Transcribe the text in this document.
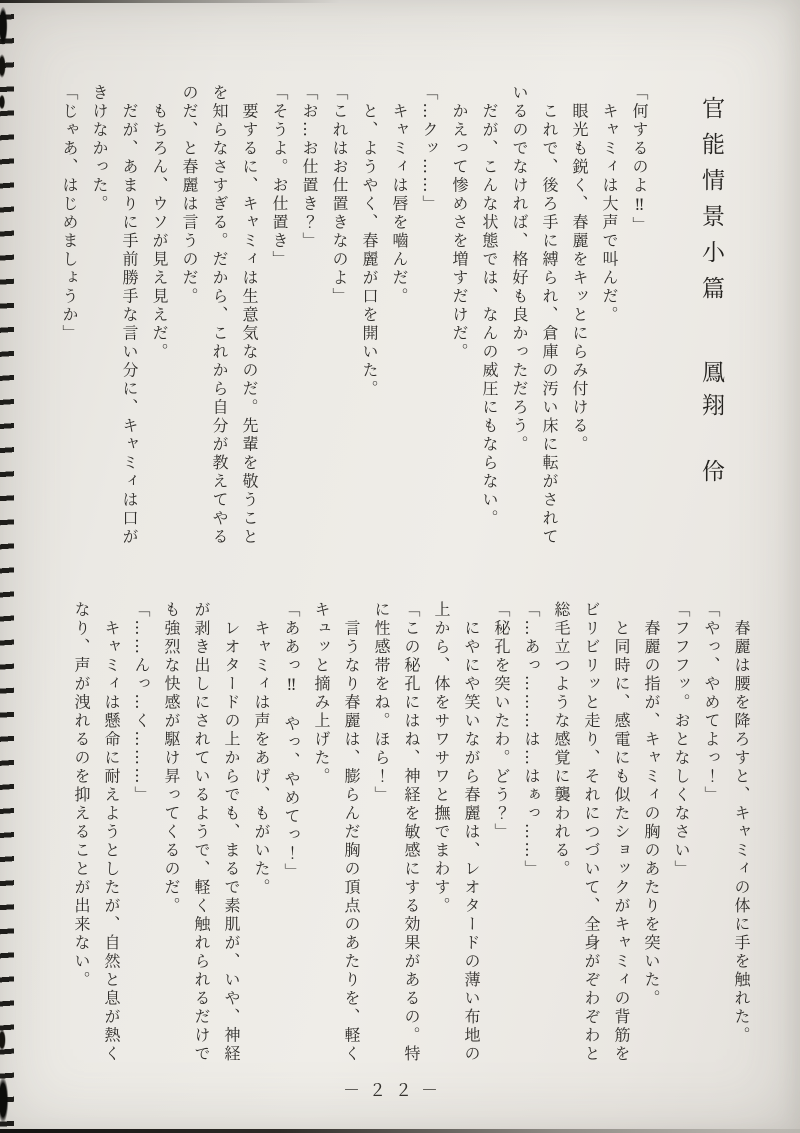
官能情景小篇
鳳翔　伶

「何するのよ‼」

　キャミィは大声で叫んだ。

　眼光も鋭く、春麗をキッとにらみ付ける。

　これで、後ろ手に縛られ、倉庫の汚い床に転がされて

いるのでなければ、格好も良かっただろう。

　だが、こんな状態では、なんの威圧にもならない。

　かえって惨めさを増すだけだ。

「…クッ……」

　キャミィは唇を嚙んだ。

　と、ようやく、春麗が口を開いた。

「これはお仕置きなのよ」

「お…お仕置き？」

「そうよ。お仕置き」

　要するに、キャミィは生意気なのだ。先輩を敬うこと

を知らなさすぎる。だから、これから自分が教えてやる

のだ、と春麗は言うのだ。

　もちろん、ウソが見え見えだ。

　だが、あまりに手前勝手な言い分に、キャミィは口が

きけなかった。

「じゃあ、はじめましょうか」

　春麗は腰を降ろすと、キャミィの体に手を触れた。

「やっ、やめてよっ！」

「フフフッ。おとなしくなさい」

　春麗の指が、キャミィの胸のあたりを突いた。

　と同時に、感電にも似たショックがキャミィの背筋を

ビリビリッと走り、それにつづいて、全身がぞわぞわと

総毛立つような感覚に襲われる。

「…あっ………は…はぁっ……」

「秘孔を突いたわ。どう？」

　にやにや笑いながら春麗は、レオタードの薄い布地の

上から、体をサワサワと撫でまわす。

「この秘孔にはね、神経を敏感にする効果があるの。特

に性感帯をね。ほら！」

　言うなり春麗は、膨らんだ胸の頂点のあたりを、軽く

キュッと摘み上げた。

「ああっ‼　やっ、やめてっ！」

　キャミィは声をあげ、もがいた。

　レオタードの上からでも、まるで素肌が、いや、神経

が剥き出しにされているようで、軽く触れられるだけで

も強烈な快感が駆け昇ってくるのだ。

「……んっ…く………」

　キャミィは懸命に耐えようとしたが、自然と息が熱く

なり、声が洩れるのを抑えることが出来ない。

－２２－
